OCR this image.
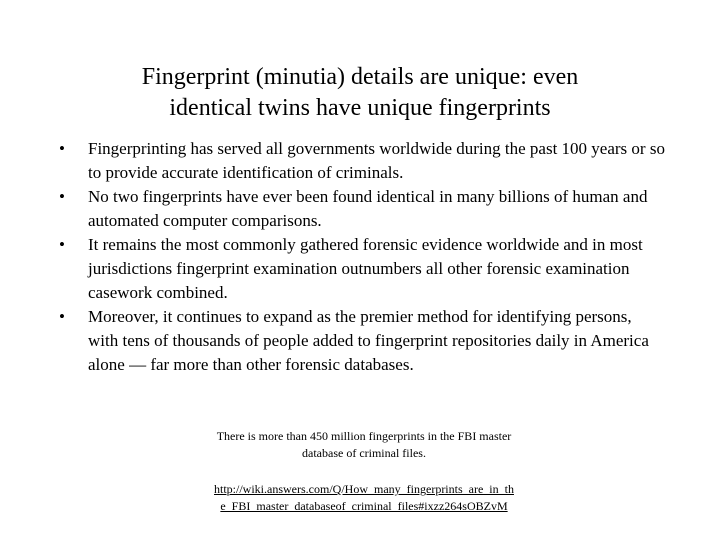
Fingerprint (minutia) details are unique: even
identical twins have unique fingerprints
• Fingerprinting has served all governments worldwide during the past 100 years or so to provide accurate identification of criminals.
• No two fingerprints have ever been found identical in many billions of human and automated computer comparisons.
• It remains the most commonly gathered forensic evidence worldwide and in most jurisdictions fingerprint examination outnumbers all other forensic examination casework combined.
• Moreover, it continues to expand as the premier method for identifying persons, with tens of thousands of people added to fingerprint repositories daily in America alone — far more than other forensic databases.
There is more than 450 million fingerprints in the FBI master
database of criminal files.
http://wiki.answers.com/Q/How_many_fingerprints_are_in_th
e_FBI_master_databaseof_criminal_files#ixzz264sOBZvM
